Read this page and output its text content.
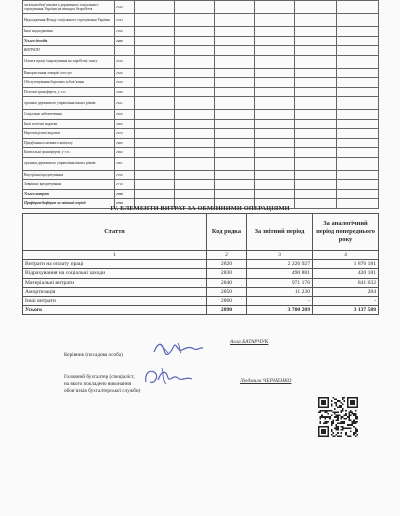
загальнообов’язкового державного соціального страхування України на випадок безробіття	2342						
Надходження Фонду соціального страхування України	2343						
Інші надходження	2390						
Усього доходів	2400						
ВИТРАТИ							
Оплата праці і нарахування на заробітну плату	2610						
Використання товарів і послуг	2620						
Обслуговування боргових зобов’язань	2630						
Поточні трансферти, у т.ч.:	2640						
органам державного управління інших рівнів	2641						
Соціальне забезпечення	2650						
Інші поточні видатки	2660						
Нерозподілені видатки	2670						
Придбання основного капіталу	2680						
Капітальні трансферти, у т.ч.:	2690						
органам державного управління інших рівнів	2691						
Внутрішні кредитування	2700						
Зовнішнє кредитування	2710						
Усього витрат	2780						
Профіцит/дефіцит за звітний період	2790						
IV. ЕЛЕМЕНТИ ВИТРАТ ЗА ОБМІННИМИ ОПЕРАЦІЯМИ
Стаття	Код рядка	За звітний період	За аналогічний період попереднього року
1	2	3	4
Витрати на оплату праці	2820	2 226 927	1 876 181
Відрахування на соціальні заходи	2830	490 881	420 181
Матеріальні витрати	2840	971 176	841 032
Амортизація	2850	11 230	284
Інші витрати	2860	-	-
Усього	2890	3 700 209	3 137 588
Керівник (посадова особа)
Алла БАТАРЧУК
Головний бухгалтер (спеціаліст,
на якого покладено виконання
обов’язків бухгалтерської служби)
Людмила ЧЕРНЕНКО
